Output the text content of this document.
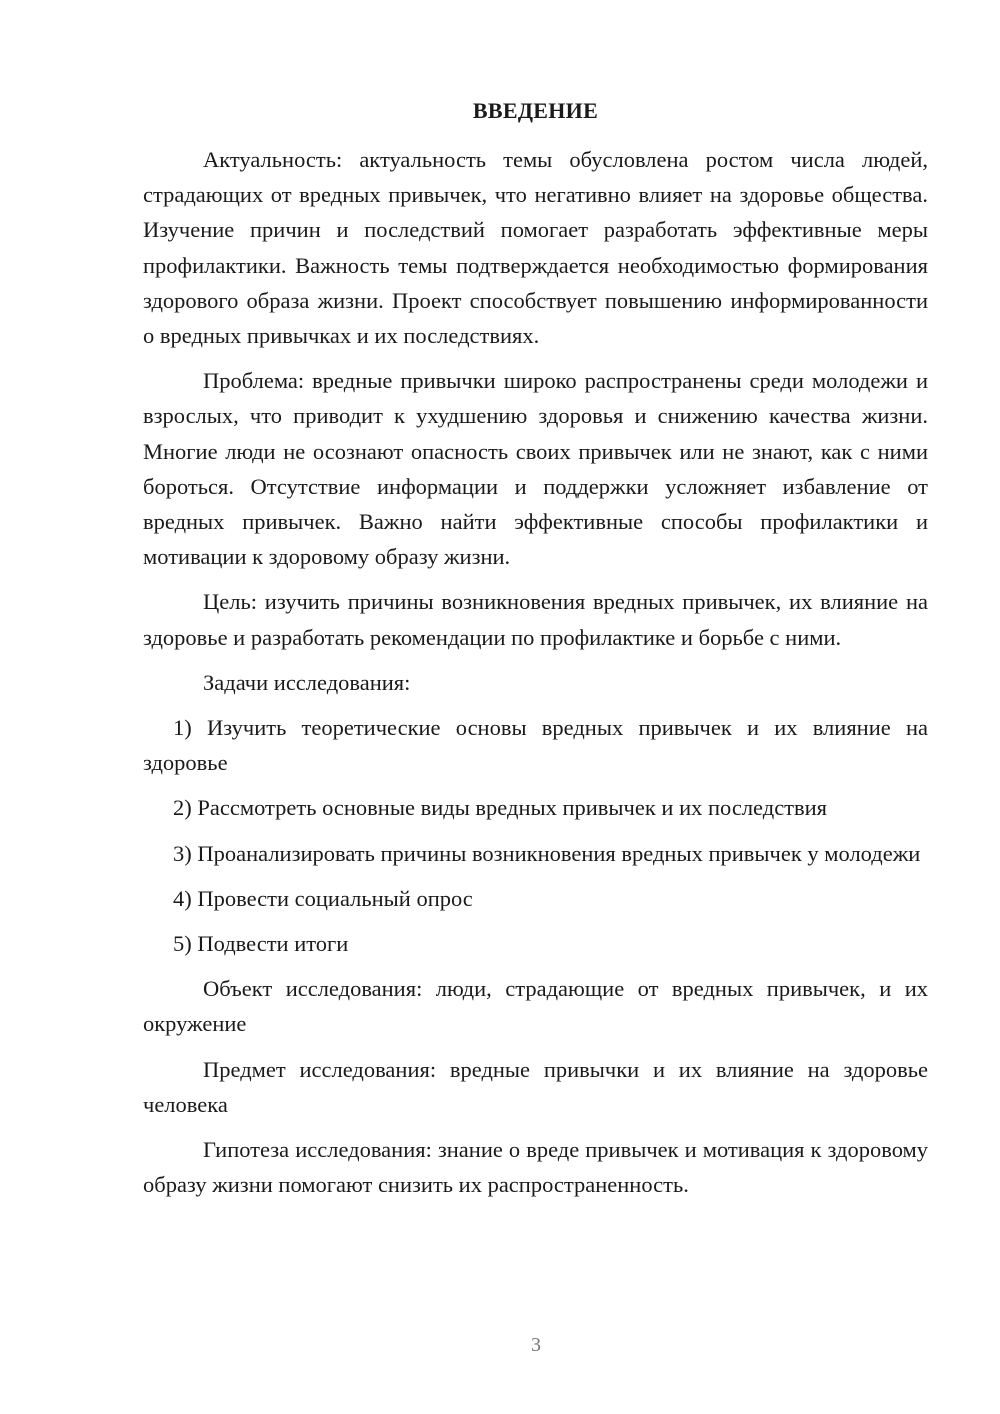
ВВЕДЕНИЕ

Актуальность: актуальность темы обусловлена ростом числа людей, страдающих от вредных привычек, что негативно влияет на здоровье общества. Изучение причин и последствий помогает разработать эффективные меры профилактики. Важность темы подтверждается необходимостью формирования здорового образа жизни. Проект способствует повышению информированности о вредных привычках и их последствиях.

Проблема: вредные привычки широко распространены среди молодежи и взрослых, что приводит к ухудшению здоровья и снижению качества жизни. Многие люди не осознают опасность своих привычек или не знают, как с ними бороться. Отсутствие информации и поддержки усложняет избавление от вредных привычек. Важно найти эффективные способы профилактики и мотивации к здоровому образу жизни.

Цель: изучить причины возникновения вредных привычек, их влияние на здоровье и разработать рекомендации по профилактике и борьбе с ними.

Задачи исследования:

1) Изучить теоретические основы вредных привычек и их влияние на здоровье

2) Рассмотреть основные виды вредных привычек и их последствия

3) Проанализировать причины возникновения вредных привычек у молодежи

4) Провести социальный опрос

5) Подвести итоги

Объект исследования: люди, страдающие от вредных привычек, и их окружение

Предмет исследования: вредные привычки и их влияние на здоровье человека

Гипотеза исследования: знание о вреде привычек и мотивация к здоровому образу жизни помогают снизить их распространенность.

3
